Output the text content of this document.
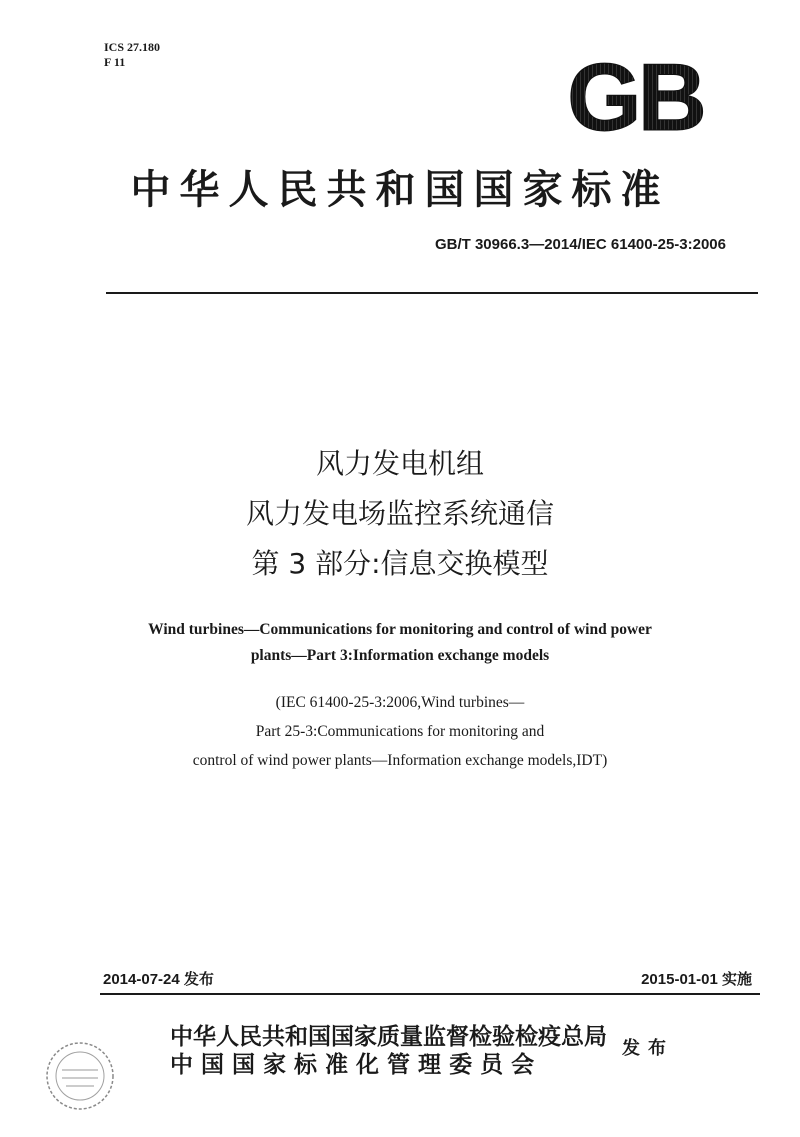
ICS 27.180
F 11	GB
中华人民共和国国家标准
GB/T 30966.3—2014/IEC 61400-25-3:2006
风力发电机组
风力发电场监控系统通信
第 3 部分:信息交换模型
Wind turbines—Communications for monitoring and control of wind power
plants—Part 3:Information exchange models
(IEC 61400-25-3:2006,Wind turbines—
Part 25-3:Communications for monitoring and
control of wind power plants—Information exchange models,IDT)
2014-07-24 发布	2015-01-01 实施
中华人民共和国国家质量监督检验检疫总局
中 国 国 家 标 准 化 管 理 委 员 会
发布
